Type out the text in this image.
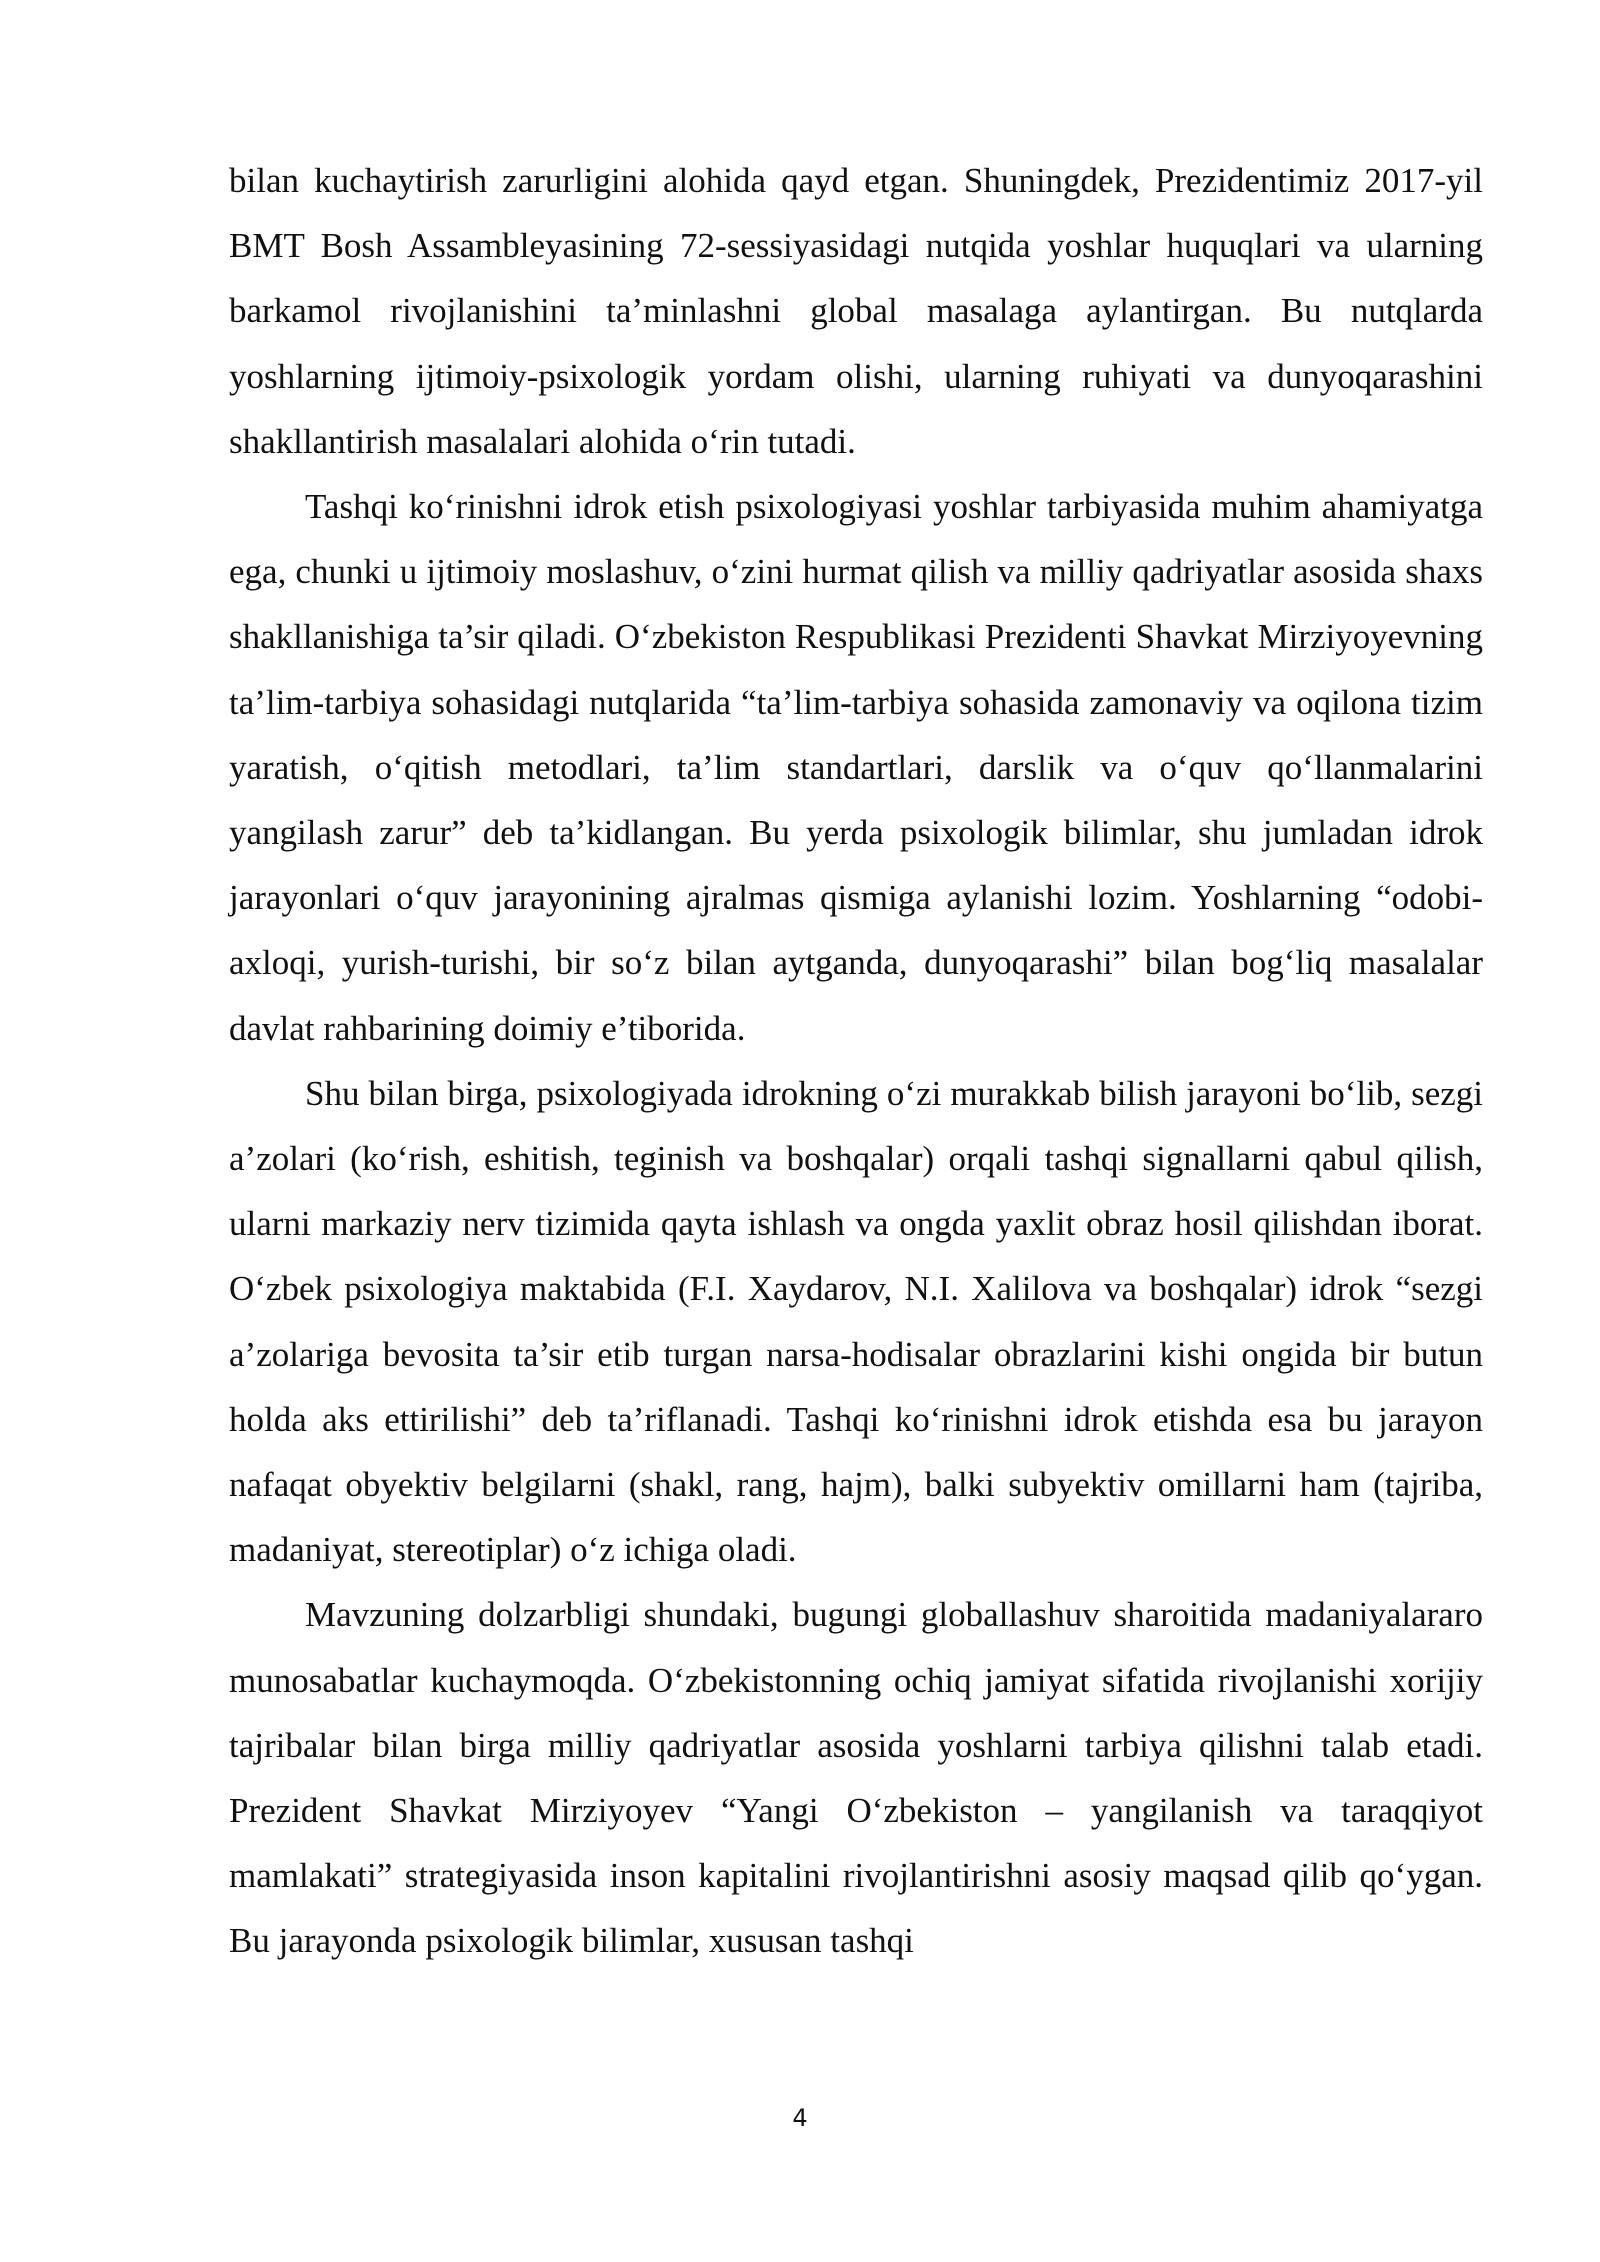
bilan kuchaytirish zarurligini alohida qayd etgan. Shuningdek, Prezidentimiz 2017-yil BMT Bosh Assambleyasining 72-sessiyasidagi nutqida yoshlar huquqlari va ularning barkamol rivojlanishini ta’minlashni global masalaga aylantirgan. Bu nutqlarda yoshlarning ijtimoiy-psixologik yordam olishi, ularning ruhiyati va dunyoqarashini shakllantirish masalalari alohida o‘rin tutadi.

Tashqi ko‘rinishni idrok etish psixologiyasi yoshlar tarbiyasida muhim ahamiyatga ega, chunki u ijtimoiy moslashuv, o‘zini hurmat qilish va milliy qadriyatlar asosida shaxs shakllanishiga ta’sir qiladi. O‘zbekiston Respublikasi Prezidenti Shavkat Mirziyoyevning ta’lim-tarbiya sohasidagi nutqlarida “ta’lim-tarbiya sohasida zamonaviy va oqilona tizim yaratish, o‘qitish metodlari, ta’lim standartlari, darslik va o‘quv qo‘llanmalarini yangilash zarur” deb ta’kidlangan. Bu yerda psixologik bilimlar, shu jumladan idrok jarayonlari o‘quv jarayonining ajralmas qismiga aylanishi lozim. Yoshlarning “odobi-axloqi, yurish-turishi, bir so‘z bilan aytganda, dunyoqarashi” bilan bog‘liq masalalar davlat rahbarining doimiy e’tiborida.

Shu bilan birga, psixologiyada idrokning o‘zi murakkab bilish jarayoni bo‘lib, sezgi a’zolari (ko‘rish, eshitish, teginish va boshqalar) orqali tashqi signallarni qabul qilish, ularni markaziy nerv tizimida qayta ishlash va ongda yaxlit obraz hosil qilishdan iborat. O‘zbek psixologiya maktabida (F.I. Xaydarov, N.I. Xalilova va boshqalar) idrok “sezgi a’zolariga bevosita ta’sir etib turgan narsa-hodisalar obrazlarini kishi ongida bir butun holda aks ettirilishi” deb ta’riflanadi. Tashqi ko‘rinishni idrok etishda esa bu jarayon nafaqat obyektiv belgilarni (shakl, rang, hajm), balki subyektiv omillarni ham (tajriba, madaniyat, stereotiplar) o‘z ichiga oladi.

Mavzuning dolzarbligi shundaki, bugungi globallashuv sharoitida madaniyalararo munosabatlar kuchaymoqda. O‘zbekistonning ochiq jamiyat sifatida rivojlanishi xorijiy tajribalar bilan birga milliy qadriyatlar asosida yoshlarni tarbiya qilishni talab etadi. Prezident Shavkat Mirziyoyev “Yangi O‘zbekiston – yangilanish va taraqqiyot mamlakati” strategiyasida inson kapitalini rivojlantirishni asosiy maqsad qilib qo‘ygan. Bu jarayonda psixologik bilimlar, xususan tashqi

4
